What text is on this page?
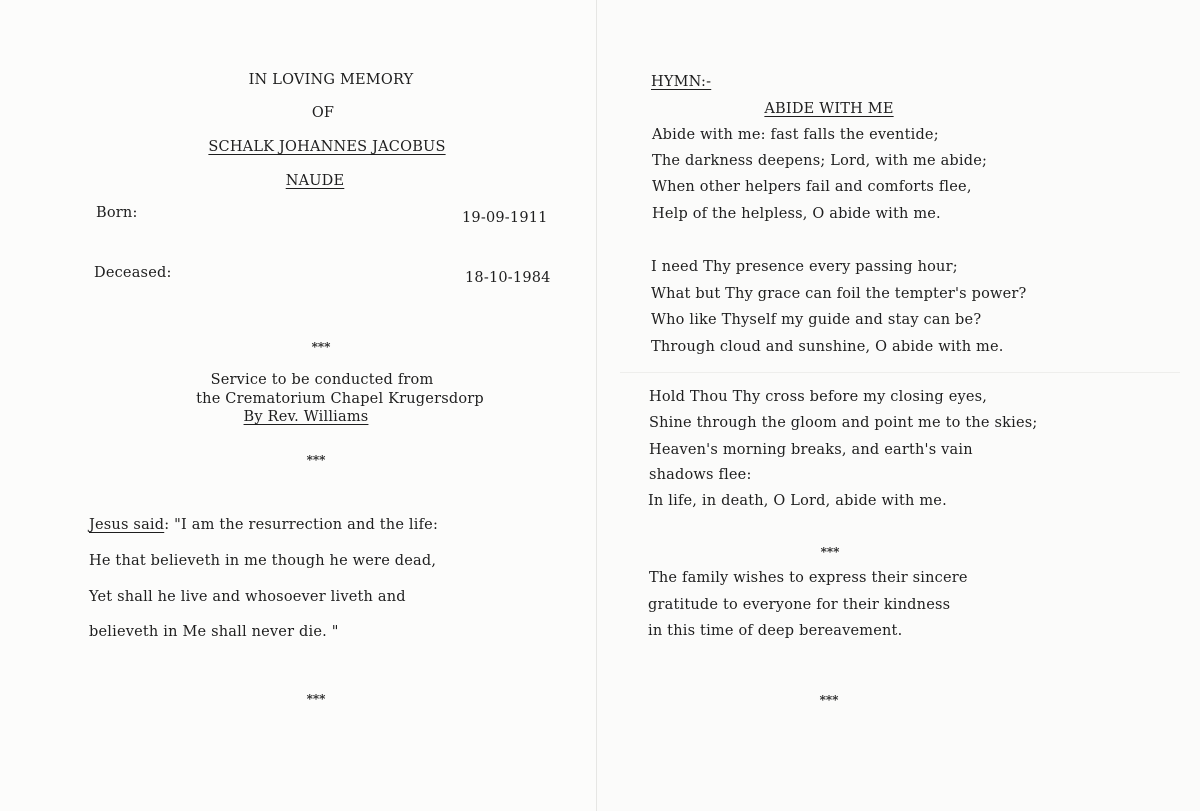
IN LOVING MEMORY
OF
SCHALK JOHANNES JACOBUS
NAUDE
Born:	19-09-1911
Deceased:	18-10-1984
***
Service to be conducted from
the Crematorium Chapel Krugersdorp
By Rev. Williams
***
Jesus said: "I am the resurrection and the life:
He that believeth in me though he were dead,
Yet shall he live and whosoever liveth and
believeth in Me shall never die. "
***
HYMN:-
ABIDE WITH ME
Abide with me: fast falls the eventide;
The darkness deepens; Lord, with me abide;
When other helpers fail and comforts flee,
Help of the helpless, O abide with me.
I need Thy presence every passing hour;
What but Thy grace can foil the tempter's power?
Who like Thyself my guide and stay can be?
Through cloud and sunshine, O abide with me.
Hold Thou Thy cross before my closing eyes,
Shine through the gloom and point me to the skies;
Heaven's morning breaks, and earth's vain
shadows flee:
In life, in death, O Lord, abide with me.
***
The family wishes to express their sincere
gratitude to everyone for their kindness
in this time of deep bereavement.
***
